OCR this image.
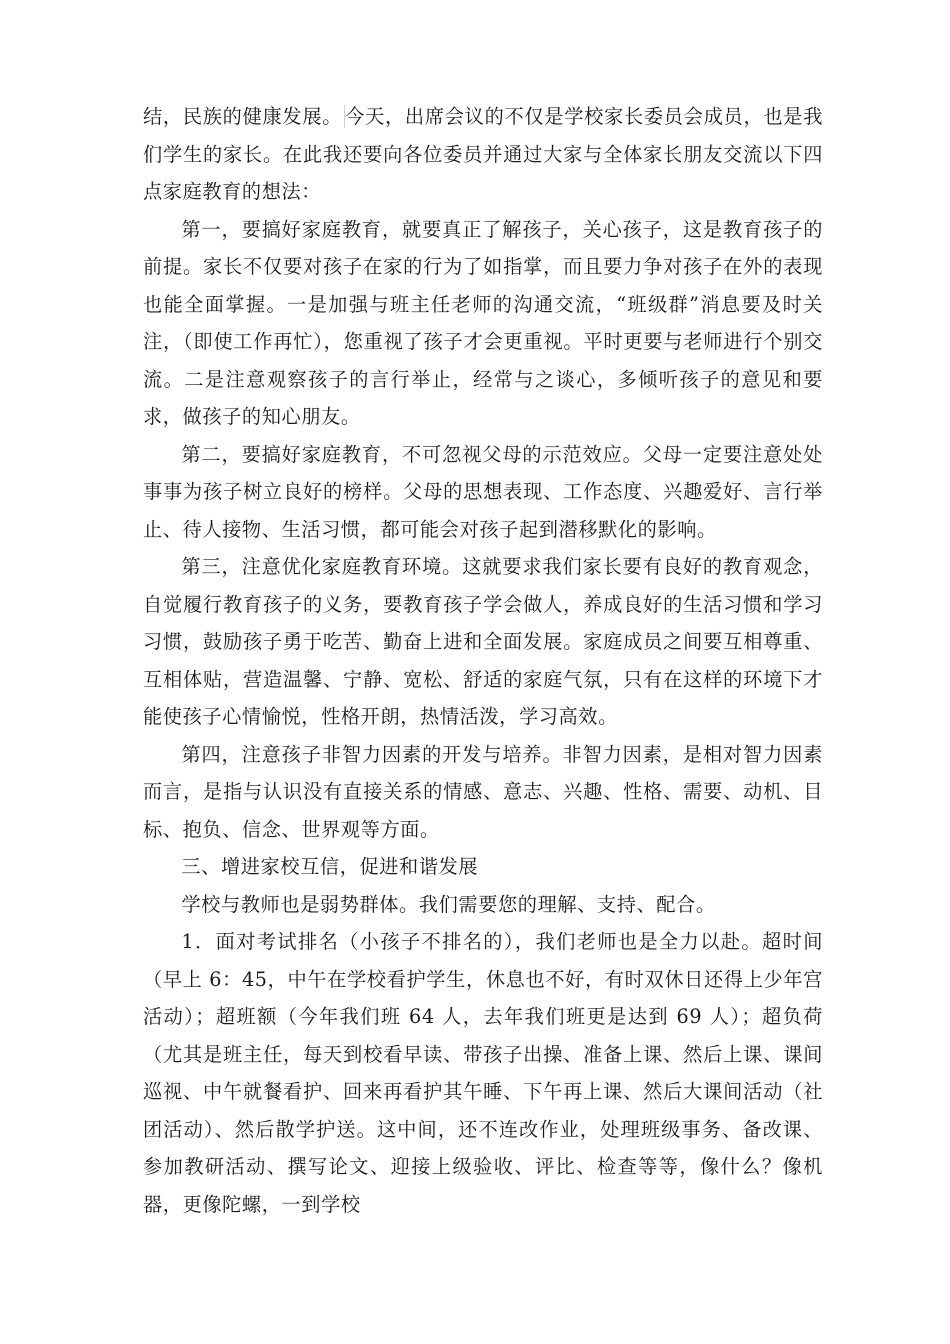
结，民族的健康发展。 今天，出席会议的不仅是学校家长委员会成员，也是我们学生的家长。在此我还要向各位委员并通过大家与全体家长朋友交流以下四点家庭教育的想法：

第一，要搞好家庭教育，就要真正了解孩子，关心孩子，这是教育孩子的前提。家长不仅要对孩子在家的行为了如指掌，而且要力争对孩子在外的表现也能全面掌握。一是加强与班主任老师的沟通交流，“班级群”消息要及时关注，（即使工作再忙），您重视了孩子才会更重视。平时更要与老师进行个别交流。二是注意观察孩子的言行举止，经常与之谈心，多倾听孩子的意见和要求，做孩子的知心朋友。

第二，要搞好家庭教育，不可忽视父母的示范效应。父母一定要注意处处事事为孩子树立良好的榜样。父母的思想表现、工作态度、兴趣爱好、言行举止、待人接物、生活习惯，都可能会对孩子起到潜移默化的影响。

第三，注意优化家庭教育环境。这就要求我们家长要有良好的教育观念，自觉履行教育孩子的义务，要教育孩子学会做人，养成良好的生活习惯和学习习惯，鼓励孩子勇于吃苦、勤奋上进和全面发展。家庭成员之间要互相尊重、互相体贴，营造温馨、宁静、宽松、舒适的家庭气氛，只有在这样的环境下才能使孩子心情愉悦，性格开朗，热情活泼，学习高效。

第四，注意孩子非智力因素的开发与培养。非智力因素，是相对智力因素而言，是指与认识没有直接关系的情感、意志、兴趣、性格、需要、动机、目标、抱负、信念、世界观等方面。

三、增进家校互信，促进和谐发展

学校与教师也是弱势群体。我们需要您的理解、支持、配合。

1．面对考试排名（小孩子不排名的），我们老师也是全力以赴。超时间（早上 6：45，中午在学校看护学生，休息也不好，有时双休日还得上少年宫活动）；超班额（今年我们班 64 人，去年我们班更是达到 69 人）；超负荷（尤其是班主任，每天到校看早读、带孩子出操、准备上课、然后上课、课间巡视、中午就餐看护、回来再看护其午睡、下午再上课、然后大课间活动（社团活动）、然后散学护送。这中间，还不连改作业，处理班级事务、备改课、参加教研活动、撰写论文、迎接上级验收、评比、检查等等，像什么？像机器，更像陀螺，一到学校
